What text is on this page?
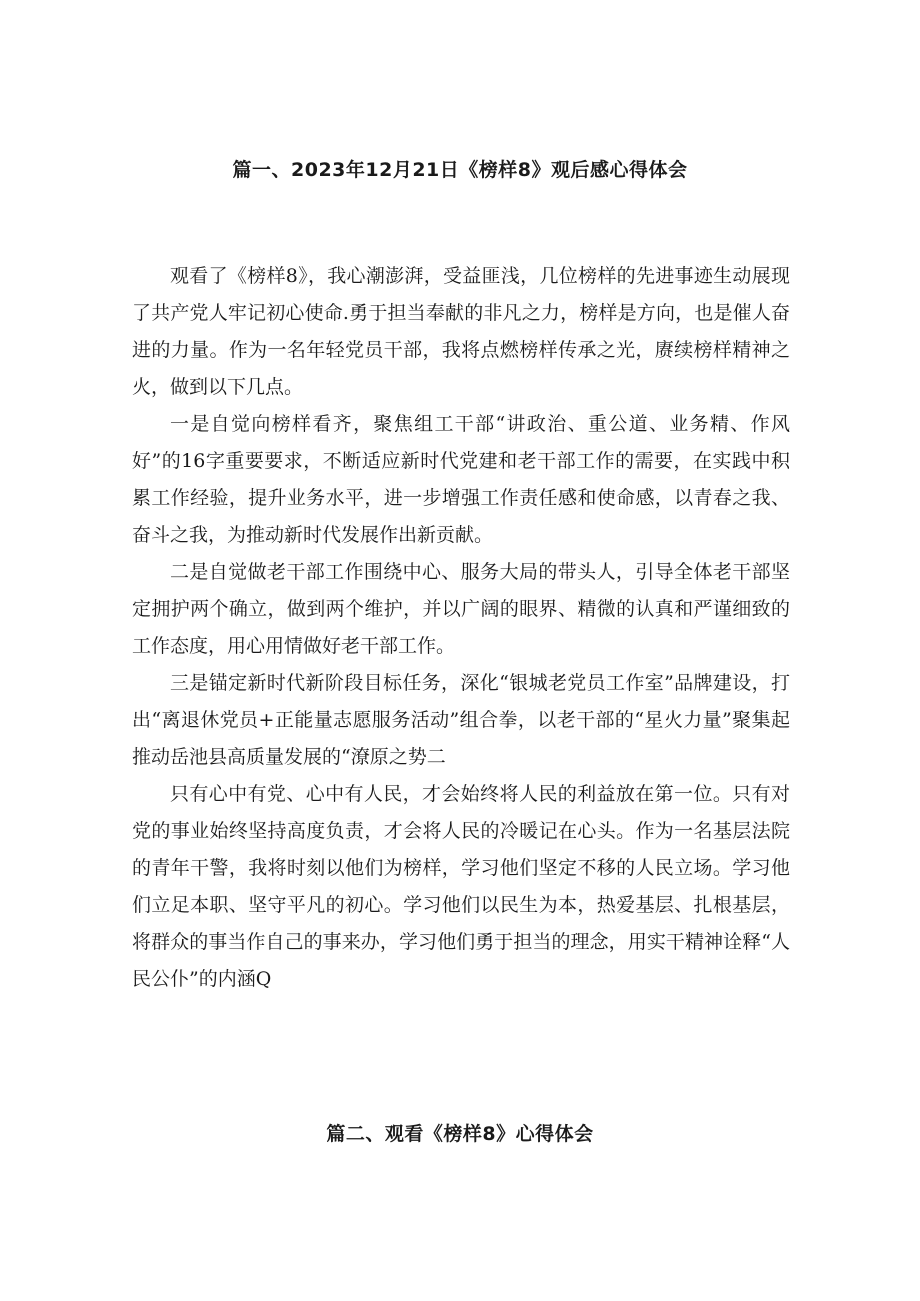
篇一、2023年12月21日《榜样8》观后感心得体会

观看了《榜样8》，我心潮澎湃，受益匪浅，几位榜样的先进事迹生动展现了共产党人牢记初心使命.勇于担当奉献的非凡之力，榜样是方向，也是催人奋进的力量。作为一名年轻党员干部，我将点燃榜样传承之光，赓续榜样精神之火，做到以下几点。

一是自觉向榜样看齐，聚焦组工干部“讲政治、重公道、业务精、作风好”的16字重要要求，不断适应新时代党建和老干部工作的需要，在实践中积累工作经验，提升业务水平，进一步增强工作责任感和使命感，以青春之我、奋斗之我，为推动新时代发展作出新贡献。

二是自觉做老干部工作围绕中心、服务大局的带头人，引导全体老干部坚定拥护两个确立，做到两个维护，并以广阔的眼界、精微的认真和严谨细致的工作态度，用心用情做好老干部工作。

三是锚定新时代新阶段目标任务，深化“银城老党员工作室”品牌建设，打出“离退休党员+正能量志愿服务活动”组合拳，以老干部的“星火力量”聚集起推动岳池县高质量发展的“潦原之势二

只有心中有党、心中有人民，才会始终将人民的利益放在第一位。只有对党的事业始终坚持高度负责，才会将人民的冷暖记在心头。作为一名基层法院的青年干警，我将时刻以他们为榜样，学习他们坚定不移的人民立场。学习他们立足本职、坚守平凡的初心。学习他们以民生为本，热爱基层、扎根基层，将群众的事当作自己的事来办，学习他们勇于担当的理念，用实干精神诠释“人民公仆”的内涵Q

篇二、观看《榜样8》心得体会
